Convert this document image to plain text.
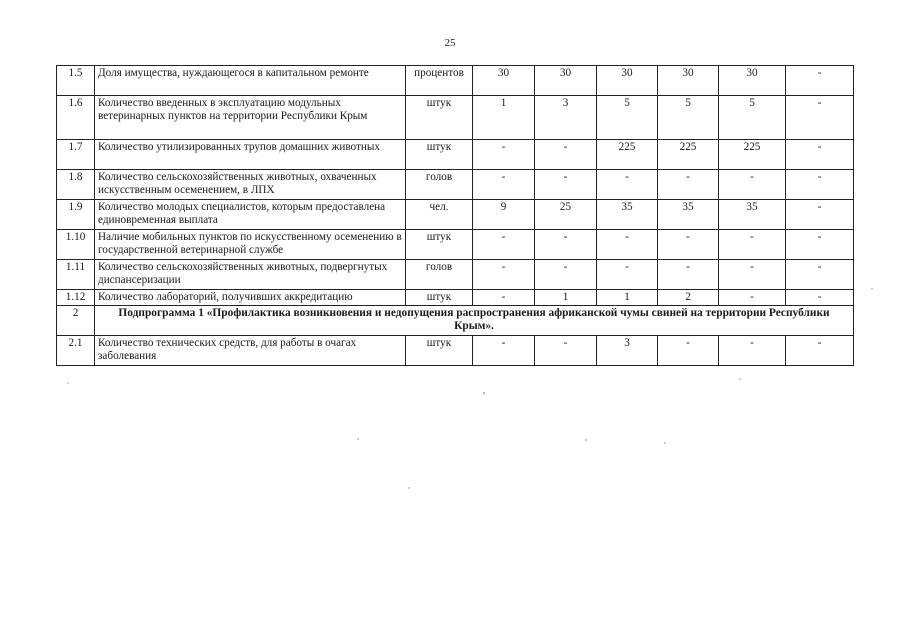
25
1.5	Доля имущества, нуждающегося в капитальном ремонте	процентов	30	30	30	30	30	-
1.6	Количество введенных в эксплуатацию модульных ветеринарных пунктов на территории Республики Крым	штук	1	3	5	5	5	-
1.7	Количество утилизированных трупов домашних животных	штук	-	-	225	225	225	-
1.8	Количество сельскохозяйственных животных, охваченных искусственным осеменением, в ЛПХ	голов	-	-	-	-	-	-
1.9	Количество молодых специалистов, которым предоставлена единовременная выплата	чел.	9	25	35	35	35	-
1.10	Наличие мобильных пунктов по искусственному осеменению в государственной ветеринарной службе	штук	-	-	-	-	-	-
1.11	Количество сельскохозяйственных животных, подвергнутых диспансеризации	голов	-	-	-	-	-	-
1.12	Количество лабораторий, получивших аккредитацию	штук	-	1	1	2	-	-
2	Подпрограмма 1 «Профилактика возникновения и недопущения распространения африканской чумы свиней на территории Республики Крым».							
2.1	Количество технических средств, для работы в очагах заболевания	штук	-	-	3	-	-	-
